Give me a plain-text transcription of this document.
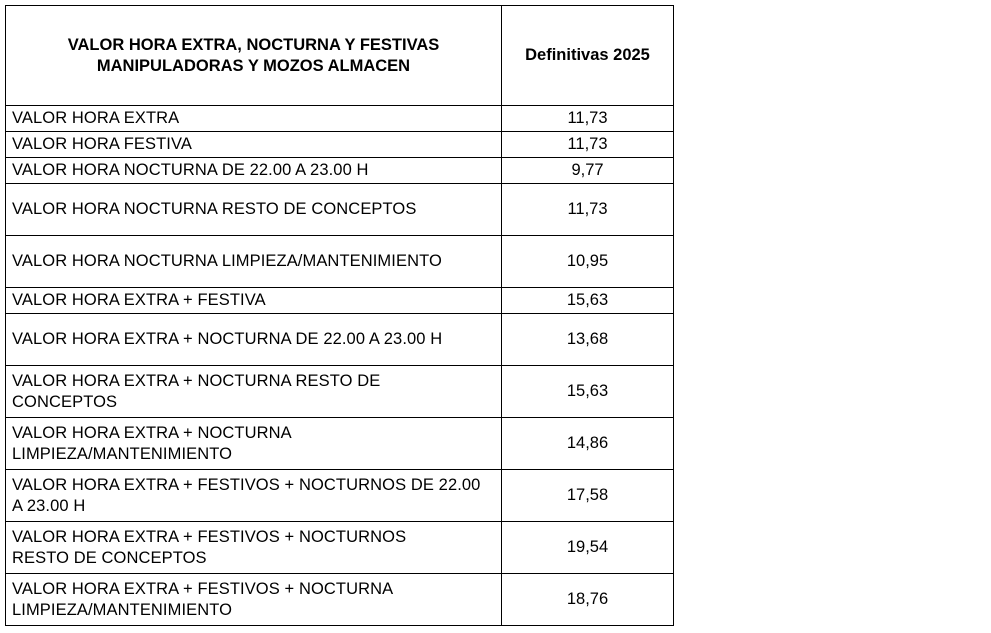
VALOR HORA EXTRA, NOCTURNA Y FESTIVAS MANIPULADORAS Y MOZOS ALMACEN	Definitivas 2025
VALOR HORA EXTRA	11,73
VALOR HORA FESTIVA	11,73
VALOR HORA NOCTURNA DE 22.00 A 23.00 H	9,77
VALOR HORA NOCTURNA RESTO DE CONCEPTOS	11,73
VALOR HORA NOCTURNA LIMPIEZA/MANTENIMIENTO	10,95
VALOR HORA EXTRA + FESTIVA	15,63
VALOR HORA EXTRA + NOCTURNA DE 22.00 A 23.00 H	13,68
VALOR HORA EXTRA + NOCTURNA RESTO DE CONCEPTOS	15,63
VALOR HORA EXTRA + NOCTURNA LIMPIEZA/MANTENIMIENTO	14,86
VALOR HORA EXTRA + FESTIVOS + NOCTURNOS DE 22.00 A 23.00 H	17,58
VALOR HORA EXTRA + FESTIVOS + NOCTURNOS RESTO DE CONCEPTOS	19,54
VALOR HORA EXTRA + FESTIVOS + NOCTURNA LIMPIEZA/MANTENIMIENTO	18,76
